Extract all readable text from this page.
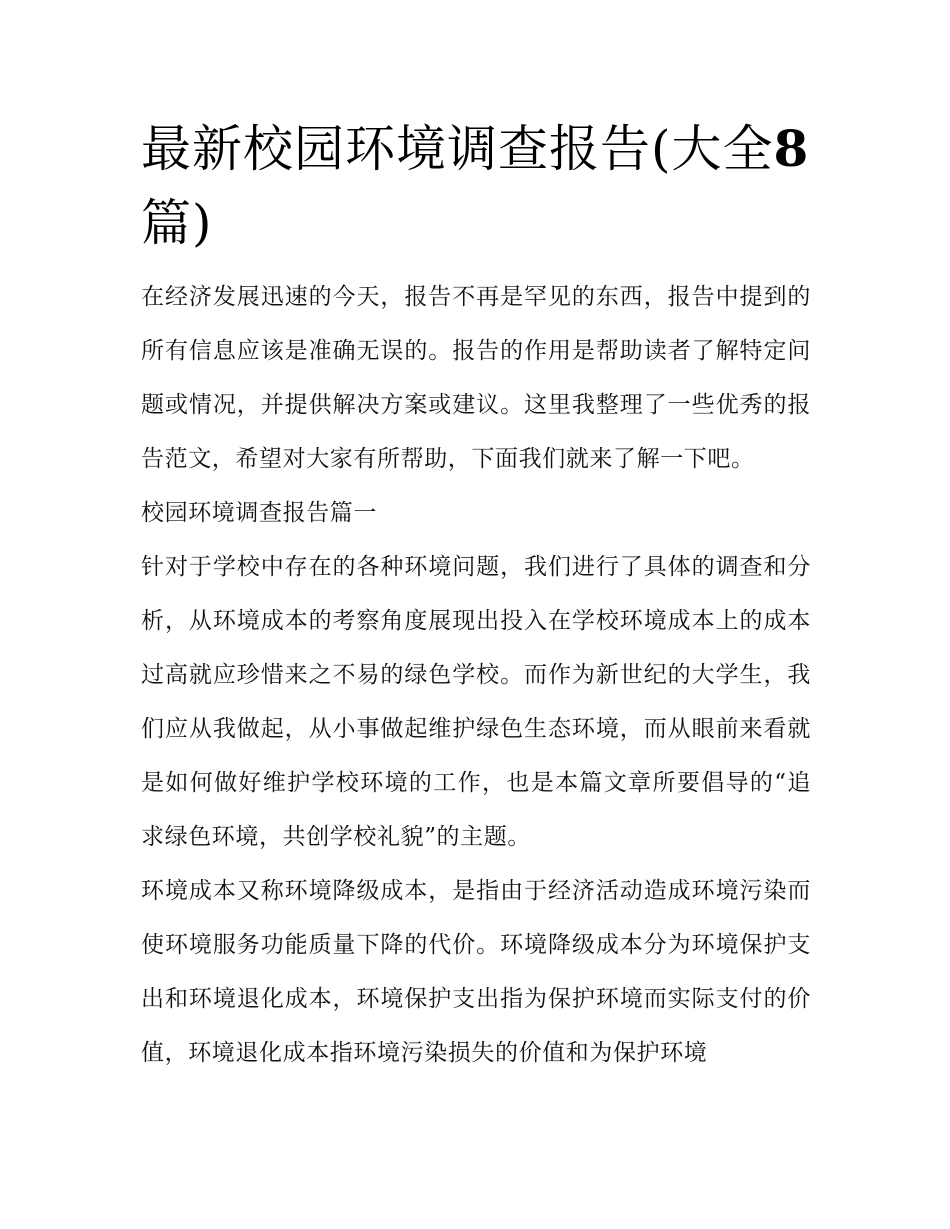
最新校园环境调查报告(大全8篇)

在经济发展迅速的今天，报告不再是罕见的东西，报告中提到的所有信息应该是准确无误的。报告的作用是帮助读者了解特定问题或情况，并提供解决方案或建议。这里我整理了一些优秀的报告范文，希望对大家有所帮助，下面我们就来了解一下吧。

校园环境调查报告篇一

针对于学校中存在的各种环境问题，我们进行了具体的调查和分析，从环境成本的考察角度展现出投入在学校环境成本上的成本过高就应珍惜来之不易的绿色学校。而作为新世纪的大学生，我们应从我做起，从小事做起维护绿色生态环境，而从眼前来看就是如何做好维护学校环境的工作，也是本篇文章所要倡导的“追求绿色环境，共创学校礼貌”的主题。

环境成本又称环境降级成本，是指由于经济活动造成环境污染而使环境服务功能质量下降的代价。环境降级成本分为环境保护支出和环境退化成本，环境保护支出指为保护环境而实际支付的价值，环境退化成本指环境污染损失的价值和为保护环境
